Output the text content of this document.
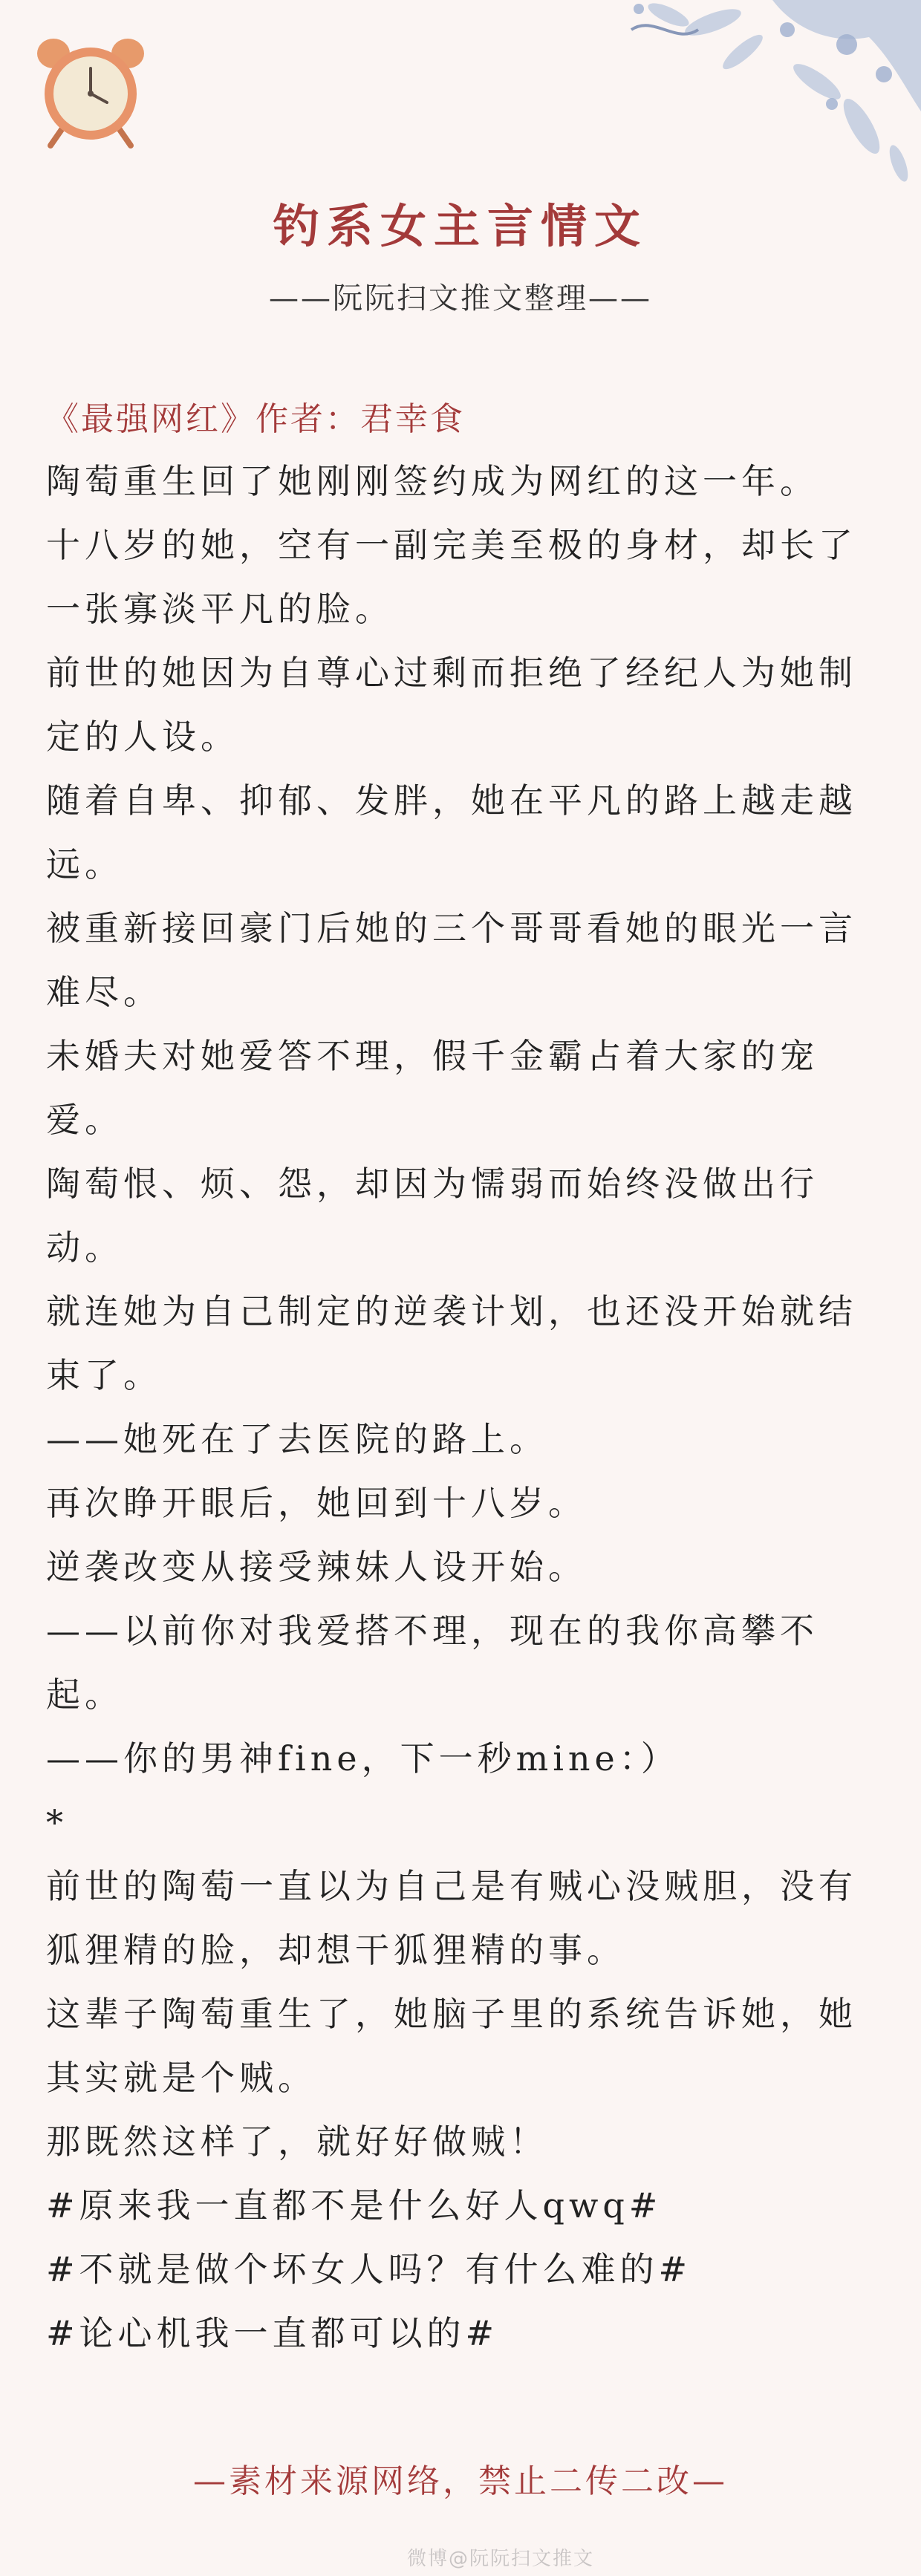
钓系女主言情文
——阮阮扫文推文整理——
《最强网红》作者：君幸食

陶萄重生回了她刚刚签约成为网红的这一年。

十八岁的她，空有一副完美至极的身材，却长了一张寡淡平凡的脸。

前世的她因为自尊心过剩而拒绝了经纪人为她制定的人设。

随着自卑、抑郁、发胖，她在平凡的路上越走越远。

被重新接回豪门后她的三个哥哥看她的眼光一言难尽。

未婚夫对她爱答不理，假千金霸占着大家的宠爱。

陶萄恨、烦、怨，却因为懦弱而始终没做出行动。

就连她为自己制定的逆袭计划，也还没开始就结束了。

——她死在了去医院的路上。

再次睁开眼后，她回到十八岁。

逆袭改变从接受辣妹人设开始。

——以前你对我爱搭不理，现在的我你高攀不起。

——你的男神fine，下一秒mine：）

*

前世的陶萄一直以为自己是有贼心没贼胆，没有狐狸精的脸，却想干狐狸精的事。

这辈子陶萄重生了，她脑子里的系统告诉她，她其实就是个贼。

那既然这样了，就好好做贼！

#原来我一直都不是什么好人qwq#

#不就是做个坏女人吗？有什么难的#

#论心机我一直都可以的#

—素材来源网络，禁止二传二改—
微博@阮阮扫文推文
